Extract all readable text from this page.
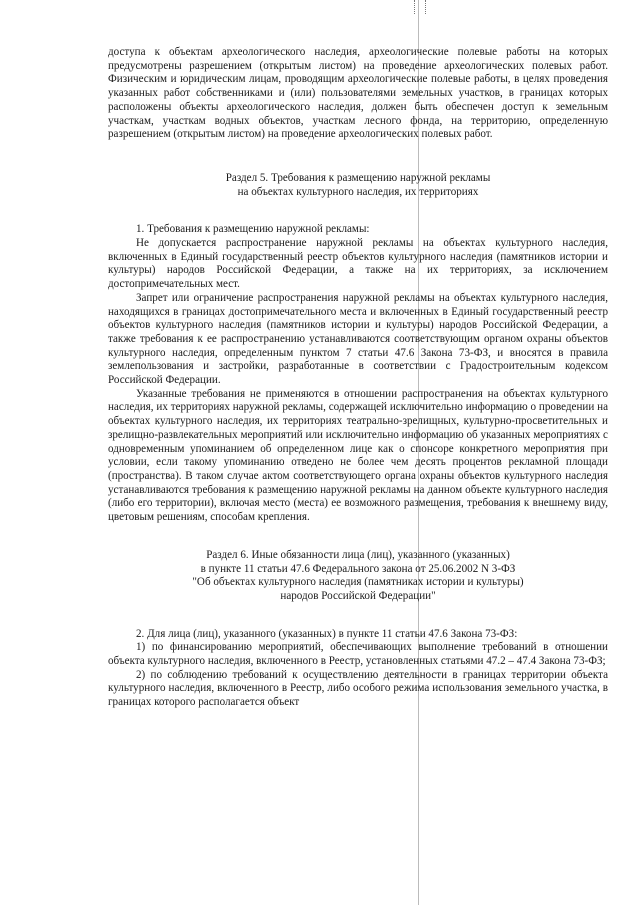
доступа к объектам археологического наследия, археологические полевые работы на которых предусмотрены разрешением (открытым листом) на проведение археологических полевых работ. Физическим и юридическим лицам, проводящим археологические полевые работы, в целях проведения указанных работ собственниками и (или) пользователями земельных участков, в границах которых расположены объекты археологического наследия, должен быть обеспечен доступ к земельным участкам, участкам водных объектов, участкам лесного фонда, на территорию, определенную разрешением (открытым листом) на проведение археологических полевых работ.

Раздел 5. Требования к размещению наружной рекламы

на объектах культурного наследия, их территориях

1. Требования к размещению наружной рекламы:

Не допускается распространение наружной рекламы на объектах культурного наследия, включенных в Единый государственный реестр объектов культурного наследия (памятников истории и культуры) народов Российской Федерации, а также на их территориях, за исключением достопримечательных мест.

Запрет или ограничение распространения наружной рекламы на объектах культурного наследия, находящихся в границах достопримечательного места и включенных в Единый государственный реестр объектов культурного наследия (памятников истории и культуры) народов Российской Федерации, а также требования к ее распространению устанавливаются соответствующим органом охраны объектов культурного наследия, определенным пунктом 7 статьи 47.6 Закона 73-ФЗ, и вносятся в правила землепользования и застройки, разработанные в соответствии с Градостроительным кодексом Российской Федерации.

Указанные требования не применяются в отношении распространения на объектах культурного наследия, их территориях наружной рекламы, содержащей исключительно информацию о проведении на объектах культурного наследия, их территориях театрально-зрелищных, культурно-просветительных и зрелищно-развлекательных мероприятий или исключительно информацию об указанных мероприятиях с одновременным упоминанием об определенном лице как о спонсоре конкретного мероприятия при условии, если такому упоминанию отведено не более чем десять процентов рекламной площади (пространства). В таком случае актом соответствующего органа охраны объектов культурного наследия устанавливаются требования к размещению наружной рекламы на данном объекте культурного наследия (либо его территории), включая место (места) ее возможного размещения, требования к внешнему виду, цветовым решениям, способам крепления.

Раздел 6. Иные обязанности лица (лиц), указанного (указанных)

в пункте 11 статьи 47.6 Федерального закона от 25.06.2002 N 3-ФЗ

"Об объектах культурного наследия (памятниках истории и культуры)

народов Российской Федерации"

2. Для лица (лиц), указанного (указанных) в пункте 11 статьи 47.6 Закона 73-ФЗ:

1) по финансированию мероприятий, обеспечивающих выполнение требований в отношении объекта культурного наследия, включенного в Реестр, установленных статьями 47.2 – 47.4 Закона 73-ФЗ;

2) по соблюдению требований к осуществлению деятельности в границах территории объекта культурного наследия, включенного в Реестр, либо особого режима использования земельного участка, в границах которого располагается объект
